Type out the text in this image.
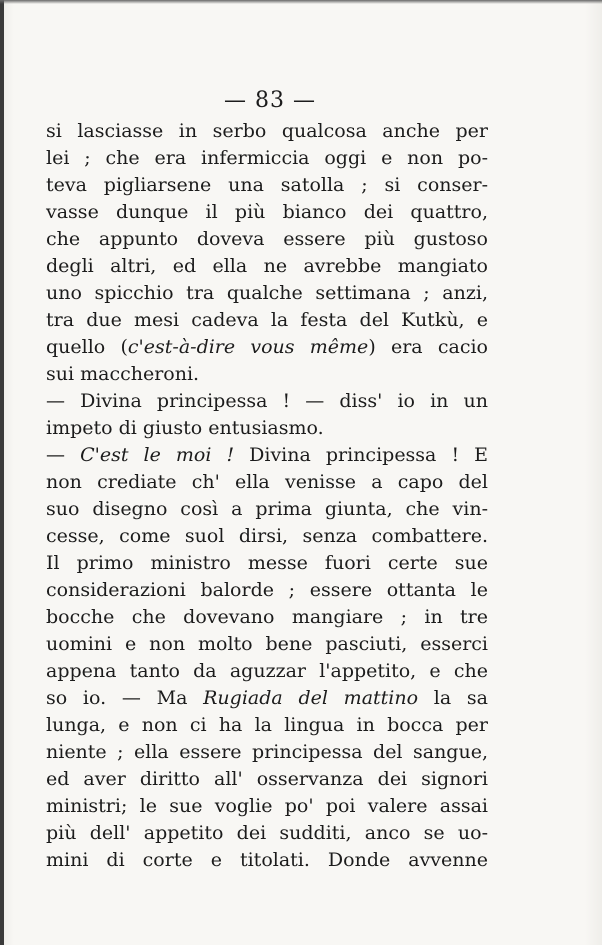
— 83 —
si lasciasse in serbo qualcosa anche per
lei ; che era infermiccia oggi e non po-
teva pigliarsene una satolla ; si conser-
vasse dunque il più bianco dei quattro,
che appunto doveva essere più gustoso
degli altri, ed ella ne avrebbe mangiato
uno spicchio tra qualche settimana ; anzi,
tra due mesi cadeva la festa del Kutkù, e
quello (c'est-à-dire vous même) era cacio
sui maccheroni.
— Divina principessa ! — diss' io in un
impeto di giusto entusiasmo.
— C'est le moi ! Divina principessa ! E
non crediate ch' ella venisse a capo del
suo disegno così a prima giunta, che vin-
cesse, come suol dirsi, senza combattere.
Il primo ministro messe fuori certe sue
considerazioni balorde ; essere ottanta le
bocche che dovevano mangiare ; in tre
uomini e non molto bene pasciuti, esserci
appena tanto da aguzzar l'appetito, e che
so io. — Ma Rugiada del mattino la sa
lunga, e non ci ha la lingua in bocca per
niente ; ella essere principessa del sangue,
ed aver diritto all' osservanza dei signori
ministri; le sue voglie po' poi valere assai
più dell' appetito dei sudditi, anco se uo-
mini di corte e titolati. Donde avvenne
